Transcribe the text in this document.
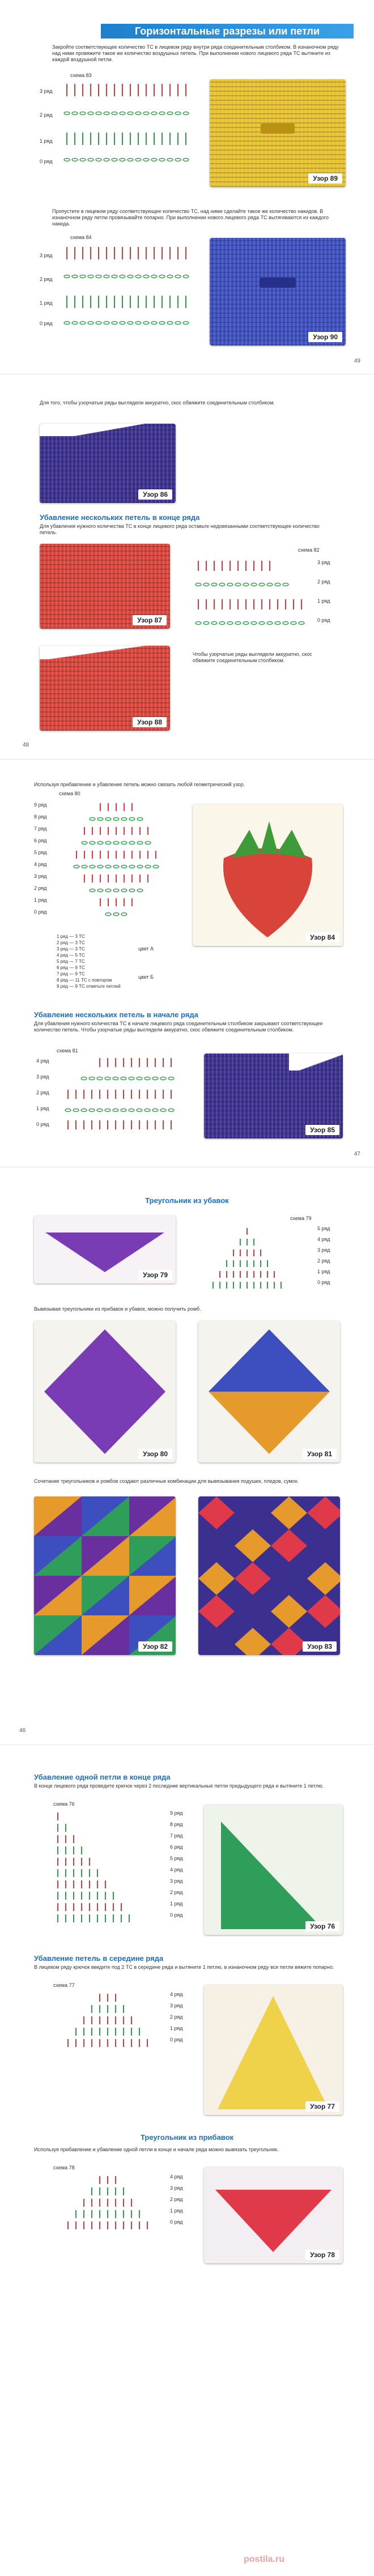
Горизонтальные разрезы или петли
Закройте соответствующее количество ТС в лицевом ряду внутри ряда соединительным столбиком. В изнаночном ряду над ними провяжите такое же количество воздушных петель. При выполнении нового лицевого ряда ТС вытяните из каждой воздушной петли.
схема 83
3 ряд
2 ряд
1 ряд
0 ряд
Узор 89
Пропустите в лицевом ряду соответствующее количество ТС, над ними сделайте такое же количество накидов. В изнаночном ряду петли провязывайте попарно. При выполнении нового лицевого ряда ТС вытягиваются из каждого накида.
схема 84
3 ряд
2 ряд
1 ряд
0 ряд
Узор 90
49
Для того, чтобы узорчатые ряды выглядели аккуратно, скос обвяжите соединительным столбиком.
Узор 86
Убавление нескольких петель в конце ряда
Для убавления нужного количества ТС в конце лицевого ряда оставьте недовязанными соответствующее количество петель.
Узор 87
схема 82
3 ряд
2 ряд
1 ряд
0 ряд
Узор 88
Чтобы узорчатые ряды выглядели аккуратно, скос обвяжите соединительным столбиком.
48
Используя прибавление и убавление петель можно связать любой геометрический узор.
схема 80
1 ряд — 3 ТС
2 ряд — 3 ТС
3 ряд — 3 ТС
4 ряд — 5 ТС
5 ряд — 7 ТС
6 ряд — 9 ТС
7 ряд — 9 ТС
8 ряд — 11 ТС с повтором
9 ряд — 9 ТС отметьте петлей
цвет А
цвет Б
Узор 84
Убавление нескольких петель в начале ряда
Для убавления нужного количества ТС в начале лицевого ряда соединительным столбиком закрывают соответствующее количество петель. Чтобы узорчатые ряды выглядели аккуратно, скос обвяжите соединительным столбиком.
схема 81
4 ряд
3 ряд
2 ряд
1 ряд
0 ряд
Узор 85
47
Треугольник из убавок
Узор 79
схема 79
Вывязывая треугольники из прибавок и убавок, можно получить ромб.
Узор 80	Узор 81
Сочетание треугольников и ромбов создают различные комбинации для вывязывания подушек, пледов, сумок.
Узор 82	Узор 83
46
Убавление одной петли в конце ряда
В конце лицевого ряда проведите крючок через 2 последние вертикальные петли предыдущего ряда и вытяните 1 петлю.
схема 76
Узор 76
Убавление петель в середине ряда
В лицевом ряду крючок введите под 2 ТС в середине ряда и вытяните 1 петлю, в изнаночном ряду все петли вяжите попарно.
схема 77
Узор 77
Треугольник из прибавок
Используя прибавление и убавление одной петли в конце и начале ряда можно вывязать треугольник.
схема 78
Узор 78
postila.ru
9 ряд
8 ряд
7 ряд
6 ряд
5 ряд
4 ряд
3 ряд
2 ряд
1 ряд
0 ряд
5 ряд
4 ряд
3 ряд
2 ряд
1 ряд
0 ряд
9 ряд
8 ряд
7 ряд
6 ряд
5 ряд
4 ряд
3 ряд
2 ряд
1 ряд
0 ряд
4 ряд
3 ряд
2 ряд
1 ряд
0 ряд
4 ряд
3 ряд
2 ряд
1 ряд
0 ряд
